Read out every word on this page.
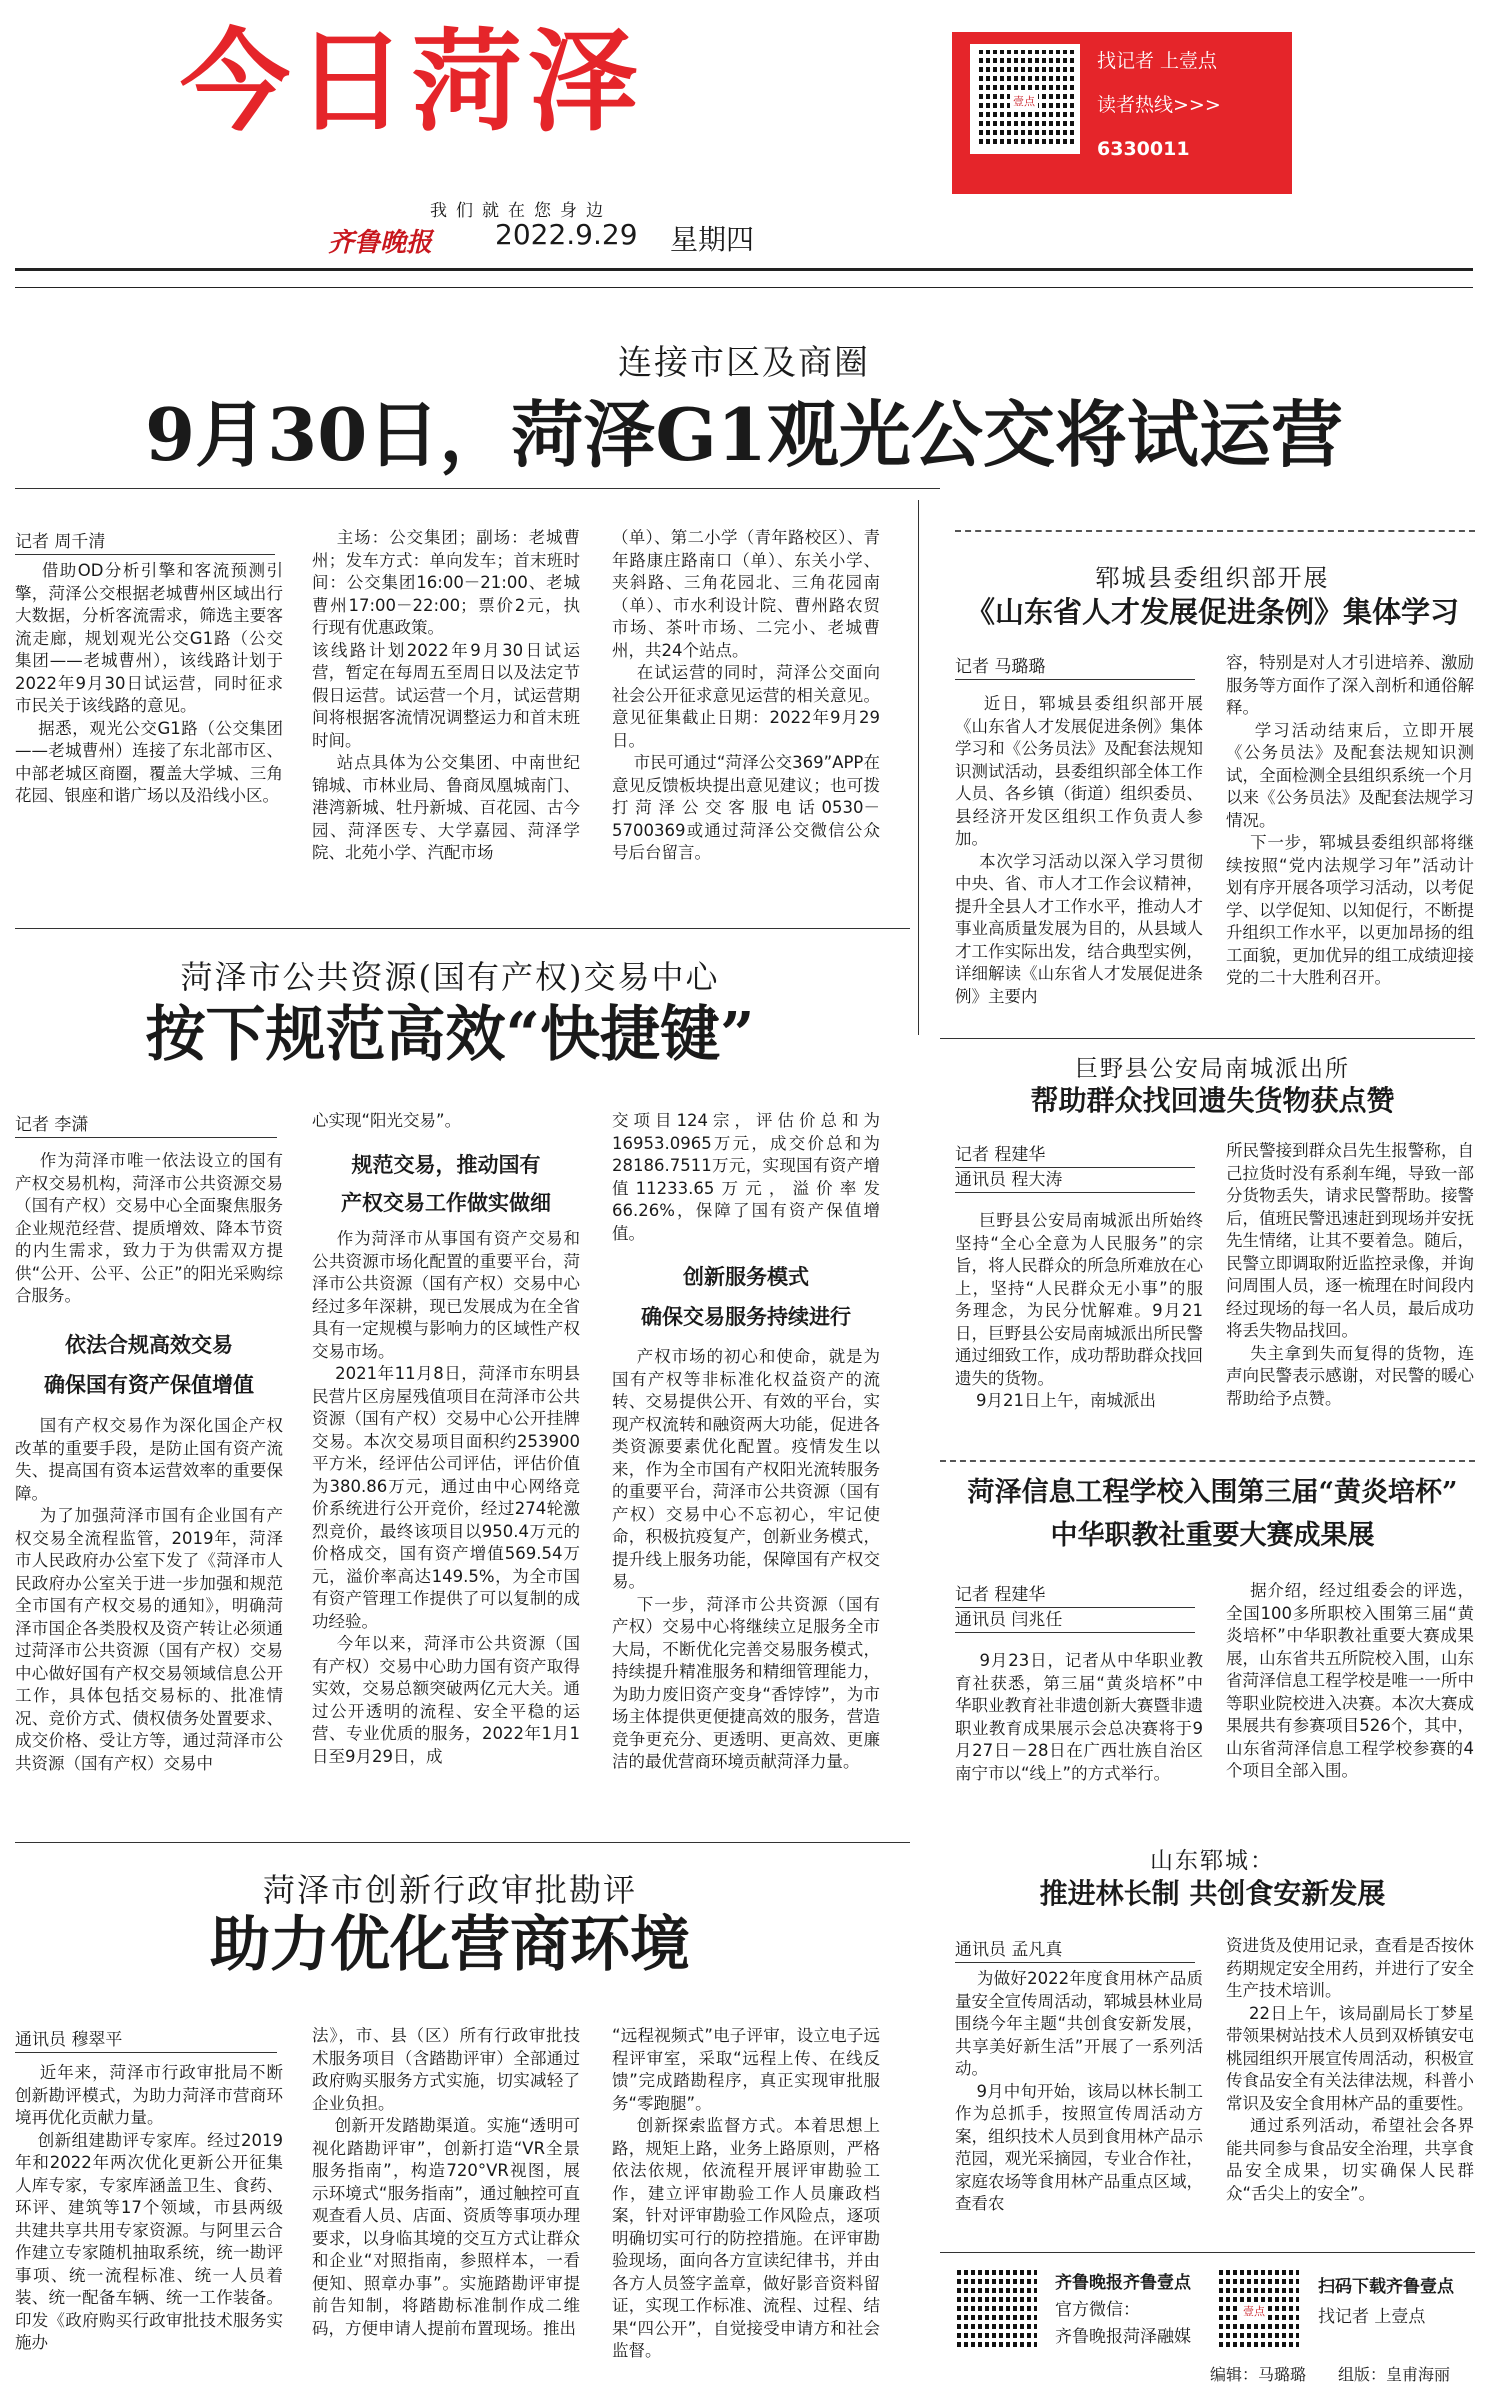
今日菏泽
我们就在您身边
齐鲁晚报 2022.9.29 星期四
壹点
找记者 上壹点
读者热线>>>
6330011
连接市区及商圈
9月30日，菏泽G1观光公交将试运营
记者 周千清
借助OD分析引擎和客流预测引擎，菏泽公交根据老城曹州区域出行大数据，分析客流需求，筛选主要客流走廊，规划观光公交G1路（公交集团——老城曹州），该线路计划于2022年9月30日试运营，同时征求市民关于该线路的意见。
据悉，观光公交G1路（公交集团——老城曹州）连接了东北部市区、中部老城区商圈，覆盖大学城、三角花园、银座和谐广场以及沿线小区。
主场：公交集团；副场：老城曹州；发车方式：单向发车；首末班时间：公交集团16:00－21:00、老城曹州17:00－22:00；票价2元，执行现有优惠政策。
该线路计划2022年9月30日试运营，暂定在每周五至周日以及法定节假日运营。试运营一个月，试运营期间将根据客流情况调整运力和首末班时间。
站点具体为公交集团、中南世纪锦城、市林业局、鲁商凤凰城南门、港湾新城、牡丹新城、百花园、古今园、菏泽医专、大学嘉园、菏泽学院、北苑小学、汽配市场
（单）、第二小学（青年路校区）、青年路康庄路南口（单）、东关小学、夹斜路、三角花园北、三角花园南（单）、市水利设计院、曹州路农贸市场、茶叶市场、二完小、老城曹州，共24个站点。
在试运营的同时，菏泽公交面向社会公开征求意见运营的相关意见。意见征集截止日期：2022年9月29日。
市民可通过“菏泽公交369”APP在意见反馈板块提出意见建议；也可拨打菏泽公交客服电话0530－5700369或通过菏泽公交微信公众号后台留言。
郓城县委组织部开展
《山东省人才发展促进条例》集体学习
记者 马璐璐
近日，郓城县委组织部开展《山东省人才发展促进条例》集体学习和《公务员法》及配套法规知识测试活动，县委组织部全体工作人员、各乡镇（街道）组织委员、县经济开发区组织工作负责人参加。
本次学习活动以深入学习贯彻中央、省、市人才工作会议精神，提升全县人才工作水平，推动人才事业高质量发展为目的，从县域人才工作实际出发，结合典型实例，详细解读《山东省人才发展促进条例》主要内
容，特别是对人才引进培养、激励服务等方面作了深入剖析和通俗解释。
学习活动结束后，立即开展《公务员法》及配套法规知识测试，全面检测全县组织系统一个月以来《公务员法》及配套法规学习情况。
下一步，郓城县委组织部将继续按照“党内法规学习年”活动计划有序开展各项学习活动，以考促学、以学促知、以知促行，不断提升组织工作水平，以更加昂扬的组工面貌，更加优异的组工成绩迎接党的二十大胜利召开。
菏泽市公共资源(国有产权)交易中心
按下规范高效“快捷键”
记者 李潇
作为菏泽市唯一依法设立的国有产权交易机构，菏泽市公共资源交易（国有产权）交易中心全面聚焦服务企业规范经营、提质增效、降本节资的内生需求，致力于为供需双方提供“公开、公平、公正”的阳光采购综合服务。
依法合规高效交易
确保国有资产保值增值
国有产权交易作为深化国企产权改革的重要手段，是防止国有资产流失、提高国有资本运营效率的重要保障。
为了加强菏泽市国有企业国有产权交易全流程监管，2019年，菏泽市人民政府办公室下发了《菏泽市人民政府办公室关于进一步加强和规范全市国有产权交易的通知》，明确菏泽市国企各类股权及资产转让必须通过菏泽市公共资源（国有产权）交易中心做好国有产权交易领域信息公开工作，具体包括交易标的、批准情况、竞价方式、债权债务处置要求、成交价格、受让方等，通过菏泽市公共资源（国有产权）交易中
心实现“阳光交易”。
规范交易，推动国有
产权交易工作做实做细
作为菏泽市从事国有资产交易和公共资源市场化配置的重要平台，菏泽市公共资源（国有产权）交易中心经过多年深耕，现已发展成为在全省具有一定规模与影响力的区域性产权交易市场。
2021年11月8日，菏泽市东明县民营片区房屋残值项目在菏泽市公共资源（国有产权）交易中心公开挂牌交易。本次交易项目面积约253900平方米，经评估公司评估，评估价值为380.86万元，通过由中心网络竞价系统进行公开竞价，经过274轮激烈竞价，最终该项目以950.4万元的价格成交，国有资产增值569.54万元，溢价率高达149.5%，为全市国有资产管理工作提供了可以复制的成功经验。
今年以来，菏泽市公共资源（国有产权）交易中心助力国有资产取得实效，交易总额突破两亿元大关。通过公开透明的流程、安全平稳的运营、专业优质的服务，2022年1月1日至9月29日，成
交项目124宗，评估价总和为16953.0965万元，成交价总和为28186.7511万元，实现国有资产增值11233.65万元，溢价率发66.26%，保障了国有资产保值增值。
创新服务模式
确保交易服务持续进行
产权市场的初心和使命，就是为国有产权等非标准化权益资产的流转、交易提供公开、有效的平台，实现产权流转和融资两大功能，促进各类资源要素优化配置。疫情发生以来，作为全市国有产权阳光流转服务的重要平台，菏泽市公共资源（国有产权）交易中心不忘初心，牢记使命，积极抗疫复产，创新业务模式，提升线上服务功能，保障国有产权交易。
下一步，菏泽市公共资源（国有产权）交易中心将继续立足服务全市大局，不断优化完善交易服务模式，持续提升精准服务和精细管理能力，为助力废旧资产变身“香饽饽”，为市场主体提供更便捷高效的服务，营造竞争更充分、更透明、更高效、更廉洁的最优营商环境贡献菏泽力量。
巨野县公安局南城派出所
帮助群众找回遗失货物获点赞
记者 程建华
通讯员 程大涛
巨野县公安局南城派出所始终坚持“全心全意为人民服务”的宗旨，将人民群众的所急所难放在心上，坚持“人民群众无小事”的服务理念，为民分忧解难。9月21日，巨野县公安局南城派出所民警通过细致工作，成功帮助群众找回遗失的货物。
9月21日上午，南城派出
所民警接到群众吕先生报警称，自己拉货时没有系刹车绳，导致一部分货物丢失，请求民警帮助。接警后，值班民警迅速赶到现场并安抚先生情绪，让其不要着急。随后，民警立即调取附近监控录像，并询问周围人员，逐一梳理在时间段内经过现场的每一名人员，最后成功将丢失物品找回。
失主拿到失而复得的货物，连声向民警表示感谢，对民警的暖心帮助给予点赞。
菏泽信息工程学校入围第三届“黄炎培杯”
中华职教社重要大赛成果展
记者 程建华
通讯员 闫兆任
9月23日，记者从中华职业教育社获悉，第三届“黄炎培杯”中华职业教育社非遗创新大赛暨非遗职业教育成果展示会总决赛将于9月27日－28日在广西壮族自治区南宁市以“线上”的方式举行。
据介绍，经过组委会的评选，全国100多所职校入围第三届“黄炎培杯”中华职教社重要大赛成果展，山东省共五所院校入围，山东省菏泽信息工程学校是唯一一所中等职业院校进入决赛。本次大赛成果展共有参赛项目526个，其中，山东省菏泽信息工程学校参赛的4个项目全部入围。
菏泽市创新行政审批勘评
助力优化营商环境
通讯员 穆翠平
近年来，菏泽市行政审批局不断创新勘评模式，为助力菏泽市营商环境再优化贡献力量。
创新组建勘评专家库。经过2019年和2022年两次优化更新公开征集人库专家，专家库涵盖卫生、食药、环评、建筑等17个领域，市县两级共建共享共用专家资源。与阿里云合作建立专家随机抽取系统，统一勘评事项、统一流程标准、统一人员着装、统一配备车辆、统一工作装备。印发《政府购买行政审批技术服务实施办
法》，市、县（区）所有行政审批技术服务项目（含踏勘评审）全部通过政府购买服务方式实施，切实减轻了企业负担。
创新开发踏勘渠道。实施“透明可视化踏勘评审”，创新打造“VR全景服务指南”，构造720°VR视图，展示环境式“服务指南”，通过触控可直观查看人员、店面、资质等事项办理要求，以身临其境的交互方式让群众和企业“对照指南，参照样本，一看便知、照章办事”。实施踏勘评审提前告知制，将踏勘标准制作成二维码，方便申请人提前布置现场。推出
“远程视频式”电子评审，设立电子远程评审室，采取“远程上传、在线反馈”完成踏勘程序，真正实现审批服务“零跑腿”。
创新探索监督方式。本着思想上路，规矩上路，业务上路原则，严格依法依规，依流程开展评审勘验工作，建立评审勘验工作人员廉政档案，针对评审勘验工作风险点，逐项明确切实可行的防控措施。在评审勘验现场，面向各方宣读纪律书，并由各方人员签字盖章，做好影音资料留证，实现工作标准、流程、过程、结果“四公开”，自觉接受申请方和社会监督。
山东郓城：
推进林长制 共创食安新发展
通讯员 孟凡真
为做好2022年度食用林产品质量安全宣传周活动，郓城县林业局围绕今年主题“共创食安新发展，共享美好新生活”开展了一系列活动。
9月中旬开始，该局以林长制工作为总抓手，按照宣传周活动方案，组织技术人员到食用林产品示范园，观光采摘园，专业合作社，家庭农场等食用林产品重点区域，查看农
资进货及使用记录，查看是否按休药期规定安全用药，并进行了安全生产技术培训。
22日上午，该局副局长丁梦星带领果树站技术人员到双桥镇安屯桃园组织开展宣传周活动，积极宣传食品安全有关法律法规，科普小常识及安全食用林产品的重要性。
通过系列活动，希望社会各界能共同参与食品安全治理，共享食品安全成果，切实确保人民群众“舌尖上的安全”。
齐鲁晚报齐鲁壹点
官方微信：
齐鲁晚报菏泽融媒
壹点
扫码下载齐鲁壹点
找记者 上壹点
编辑：马璐璐 组版：皇甫海丽
